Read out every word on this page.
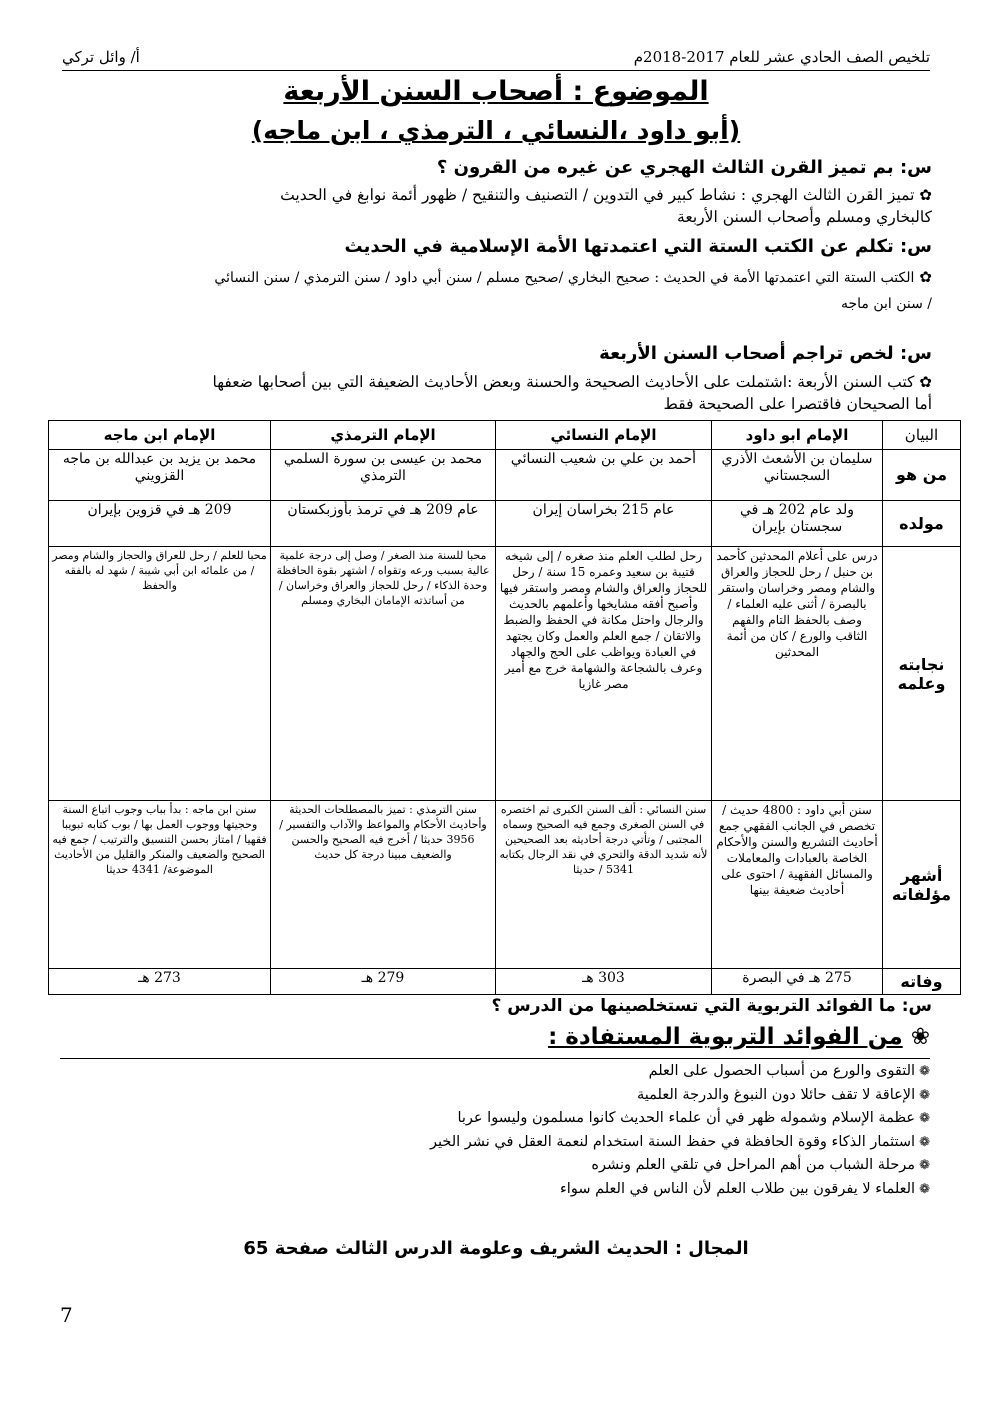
تلخيص الصف الحادي عشر للعام 2017-2018م
أ/ وائل تركي
الموضوع : أصحاب السنن الأربعة
(أبو داود ،النسائي ، الترمذي ، ابن ماجه)
س: بم تميز القرن الثالث الهجري عن غيره من القرون ؟
✿تميز القرن الثالث الهجري : نشاط كبير في التدوين / التصنيف والتنقيح / ظهور أئمة نوابغ في الحديث
كالبخاري ومسلم وأصحاب السنن الأربعة
س: تكلم عن الكتب الستة التي اعتمدتها الأمة الإسلامية في الحديث
✿الكتب الستة التي اعتمدتها الأمة في الحديث : صحيح البخاري /صحيح مسلم / سنن أبي داود / سنن الترمذي / سنن النسائي
/ سنن ابن ماجه
س: لخص تراجم أصحاب السنن الأربعة
✿كتب السنن الأربعة :اشتملت على الأحاديث الصحيحة والحسنة وبعض الأحاديث الضعيفة التي بين أصحابها ضعفها
أما الصحيحان فاقتصرا على الصحيحة فقط
البيان	الإمام ابو داود	الإمام النسائي	الإمام الترمذي	الإمام ابن ماجه
من هو	سليمان بن الأشعث الأذري السجستاني	أحمد بن علي بن شعيب النسائي	محمد بن عيسى بن سورة السلمي الترمذي	محمد بن يزيد بن عبدالله بن ماجه القزويني
مولده	ولد عام 202 هـ في سجستان بإيران	عام 215 بخراسان إيران	عام 209 هـ في ترمذ بأوزبكستان	209 هـ في قزوين بإيران
نجابته وعلمه	درس على أعلام المحدثين كأحمد بن حنبل / رحل للحجاز والعراق والشام ومصر وخراسان واستقر بالبصرة / أثنى عليه العلماء / وصف بالحفظ التام والفهم الثاقب والورع / كان من أئمة المحدثين	رحل لطلب العلم منذ صغره / إلى شيخه قتيبة بن سعيد وعمره 15 سنة / رحل للحجاز والعراق والشام ومصر واستقر فيها وأصبح أفقه مشايخها وأعلمهم بالحديث والرجال واحتل مكانة في الحفظ والضبط والاتقان / جمع العلم والعمل وكان يجتهد في العبادة ويواظب على الحج والجهاد وعرف بالشجاعة والشهامة خرج مع أمير مصر غازيا	محبا للسنة منذ الصغر / وصل إلى درجة علمية عالية بسبب ورعه وتقواه / اشتهر بقوة الحافظة وحدة الذكاء / رحل للحجاز والعراق وخراسان / من أساتذته الإمامان البخاري ومسلم	محبا للعلم / رحل للعراق والحجاز والشام ومصر / من علمائه ابن أبي شيبة / شهد له بالفقه والحفظ
أشهر مؤلفاته	سنن أبي داود : 4800 حديث / تخصص في الجانب الفقهي جمع أحاديث التشريع والسنن والأحكام الخاصة بالعبادات والمعاملات والمسائل الفقهية / احتوى على أحاديث ضعيفة بينها	سنن النسائي : ألف السنن الكبرى ثم اختصره في السنن الصغرى وجمع فيه الصحيح وسماه المجتبى / وتأتي درجة أحاديثه بعد الصحيحين لأنه شديد الدقة والتحري في نقد الرجال بكتابه 5341 / حديثا	سنن الترمذي : تميز بالمصطلحات الحديثة وأحاديث الأحكام والمواعظ والآداب والتفسير / 3956 حديثا / أخرج فيه الصحيح والحسن والضعيف مبينا درجة كل حديث	سنن ابن ماجه : بدأ بباب وجوب اتباع السنة وحجيتها ووجوب العمل بها / بوب كتابه تبويبا فقهيا / امتاز بحسن التنسيق والترتيب / جمع فيه الصحيح والضعيف والمنكر والقليل من الأحاديث الموضوعة/ 4341 حديثا
وفاته	275 هـ في البصرة	303 هـ	279 هـ	273 هـ
س: ما الفوائد التربوية التي تستخلصينها من الدرس ؟
❀ من الفوائد التربوية المستفادة :
❁التقوى والورع من أسباب الحصول على العلم
❁الإعاقة لا تقف حائلا دون النبوغ والدرجة العلمية
❁عظمة الإسلام وشموله ظهر في أن علماء الحديث كانوا مسلمون وليسوا عربا
❁استثمار الذكاء وقوة الحافظة في حفظ السنة استخدام لنعمة العقل في نشر الخير
❁مرحلة الشباب من أهم المراحل في تلقي العلم ونشره
❁العلماء لا يفرقون بين طلاب العلم لأن الناس في العلم سواء
المجال : الحديث الشريف وعلومة الدرس الثالث صفحة 65
7
